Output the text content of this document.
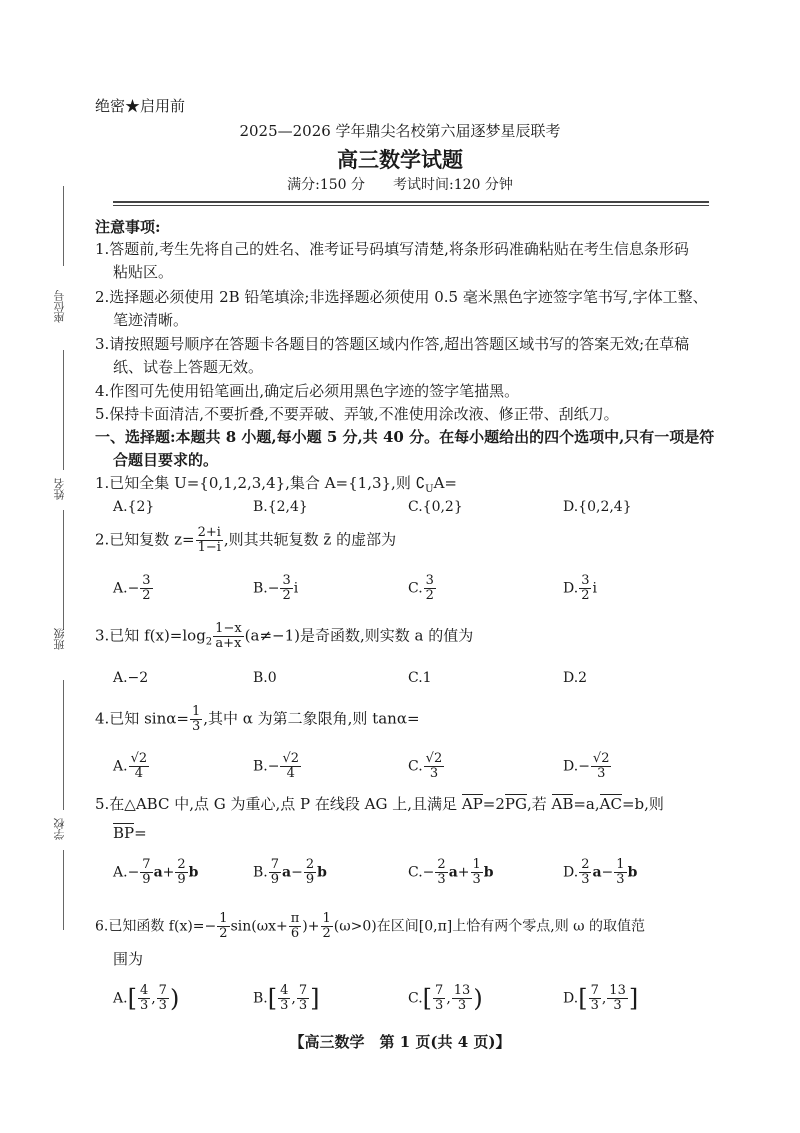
绝密★启用前
2025—2026 学年鼎尖名校第六届逐梦星辰联考
高三数学试题
满分:150 分　　考试时间:120 分钟
座位号
姓名
班级
学校
注意事项:
1.答题前,考生先将自己的姓名、准考证号码填写清楚,将条形码准确粘贴在考生信息条形码
粘贴区。
2.选择题必须使用 2B 铅笔填涂;非选择题必须使用 0.5 毫米黑色字迹签字笔书写,字体工整、
笔迹清晰。
3.请按照题号顺序在答题卡各题目的答题区域内作答,超出答题区域书写的答案无效;在草稿
纸、试卷上答题无效。
4.作图可先使用铅笔画出,确定后必须用黑色字迹的签字笔描黑。
5.保持卡面清洁,不要折叠,不要弄破、弄皱,不准使用涂改液、修正带、刮纸刀。
一、选择题:本题共 8 小题,每小题 5 分,共 40 分。在每小题给出的四个选项中,只有一项是符
合题目要求的。
1.已知全集 U={0,1,2,3,4},集合 A={1,3},则 $∁_UA=$
A.{2}	B.{2,4}	C.{0,2}	D.{0,2,4}
2.已知复数 $z= \frac{2+i}{1-i}$ ,则其共轭复数 z̄ 的虚部为
$A.- \frac{3}{2}$	$B.- \frac{3}{2}$ i	C. $\frac{3}{2}$	D. $\frac{3}{2}$ i
3.已知 $f(x)=\log_2 \frac{1-x}{a+x} (a\ne-1)$是奇函数,则实数 a 的值为
A.−2	B.0	C.1	D.2
4.已知 $\sin\alpha= \frac{1}{3}$ ,其中 α 为第二象限角,则 tanα=
A. $\frac{√2}{4}$	$B.- \frac{√2}{4}$	C. $\frac{√2}{3}$	$D.- \frac{√2}{3}$
5.在△ABC 中,点 G 为重心,点 P 在线段 AG 上,且满足 AP=2PG,若 AB=a,AC=b,则
BP=
$A.- \frac{7}{9} a+ \frac{2}{9}$ b	B. $\frac{7}{9} a- \frac{2}{9}$ b	$C.- \frac{2}{3} a+ \frac{1}{3}$ b	D. $\frac{2}{3} a- \frac{1}{3}$ b
6.已知函数 $f(x)=- \frac{1}{2} \sin(\omega x+ \frac{\pi}{6}$ )+ $\frac{1}{2} (\omega>0)$在区间[0,π]上恰有两个零点,则 ω 的取值范
围为
$A.[ \frac{4}{3}$ , $\frac{7}{3}$ )	$B.[ \frac{4}{3}$ , $\frac{7}{3}$ ]	$C.[ \frac{7}{3}$ , $\frac{13}{3}$ )	$D.[ \frac{7}{3}$ , $\frac{13}{3}$ ]
【高三数学　第 1 页(共 4 页)】
